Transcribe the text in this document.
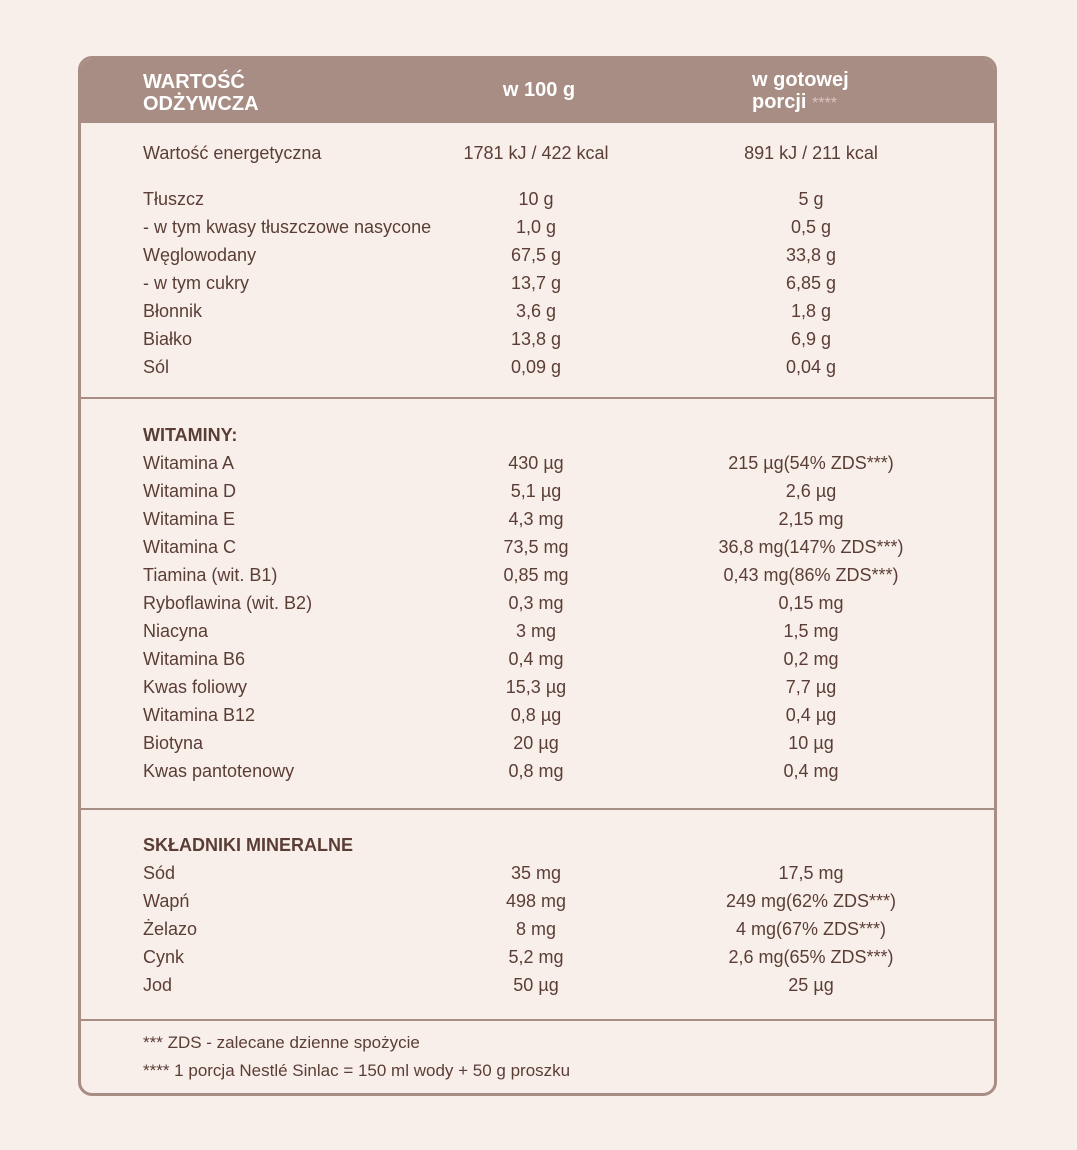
WARTOŚĆ
ODŻYWCZA
w 100 g	w gotowej
porcji ****
Wartość energetyczna	1781 kJ / 422 kcal	891 kJ / 211 kcal
Tłuszcz	10 g	5 g
- w tym kwasy tłuszczowe nasycone	1,0 g	0,5 g
Węglowodany	67,5 g	33,8 g
- w tym cukry	13,7 g	6,85 g
Błonnik	3,6 g	1,8 g
Białko	13,8 g	6,9 g
Sól	0,09 g	0,04 g
WITAMINY:
Witamina A	430 µg	215 µg(54% ZDS***)
Witamina D	5,1 µg	2,6 µg
Witamina E	4,3 mg	2,15 mg
Witamina C	73,5 mg	36,8 mg(147% ZDS***)
Tiamina (wit. B1)	0,85 mg	0,43 mg(86% ZDS***)
Ryboflawina (wit. B2)	0,3 mg	0,15 mg
Niacyna	3 mg	1,5 mg
Witamina B6	0,4 mg	0,2 mg
Kwas foliowy	15,3 µg	7,7 µg
Witamina B12	0,8 µg	0,4 µg
Biotyna	20 µg	10 µg
Kwas pantotenowy	0,8 mg	0,4 mg
SKŁADNIKI MINERALNE
Sód	35 mg	17,5 mg
Wapń	498 mg	249 mg(62% ZDS***)
Żelazo	8 mg	4 mg(67% ZDS***)
Cynk	5,2 mg	2,6 mg(65% ZDS***)
Jod	50 µg	25 µg
*** ZDS - zalecane dzienne spożycie
**** 1 porcja Nestlé Sinlac = 150 ml wody + 50 g proszku
